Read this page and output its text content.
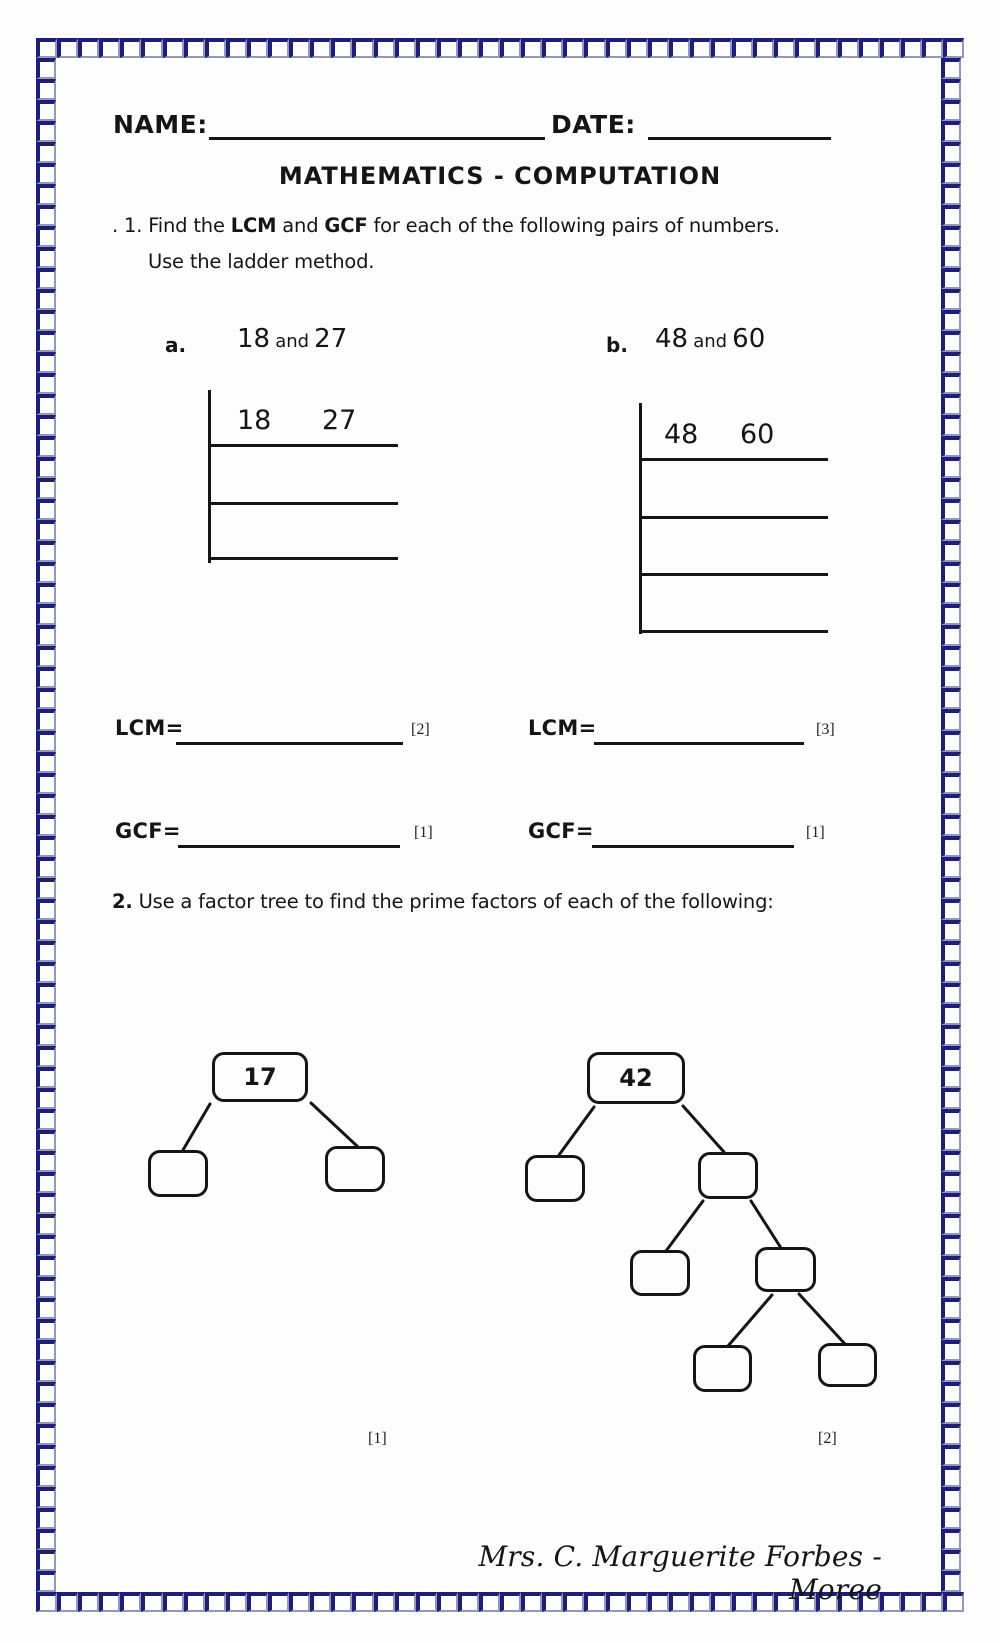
NAME:	DATE:
MATHEMATICS - COMPUTATION
. 1. Find the LCM and GCF for each of the following pairs of numbers.
Use the ladder method.
a. 18 and 27	b. 48 and 60
18 27	48 60
LCM=	[2]	LCM=	[3]
GCF=	[1]	GCF=	[1]
2. Use a factor tree to find the prime factors of each of the following:
17
[1]
42
[2]
Mrs. C. Marguerite Forbes - Moree
